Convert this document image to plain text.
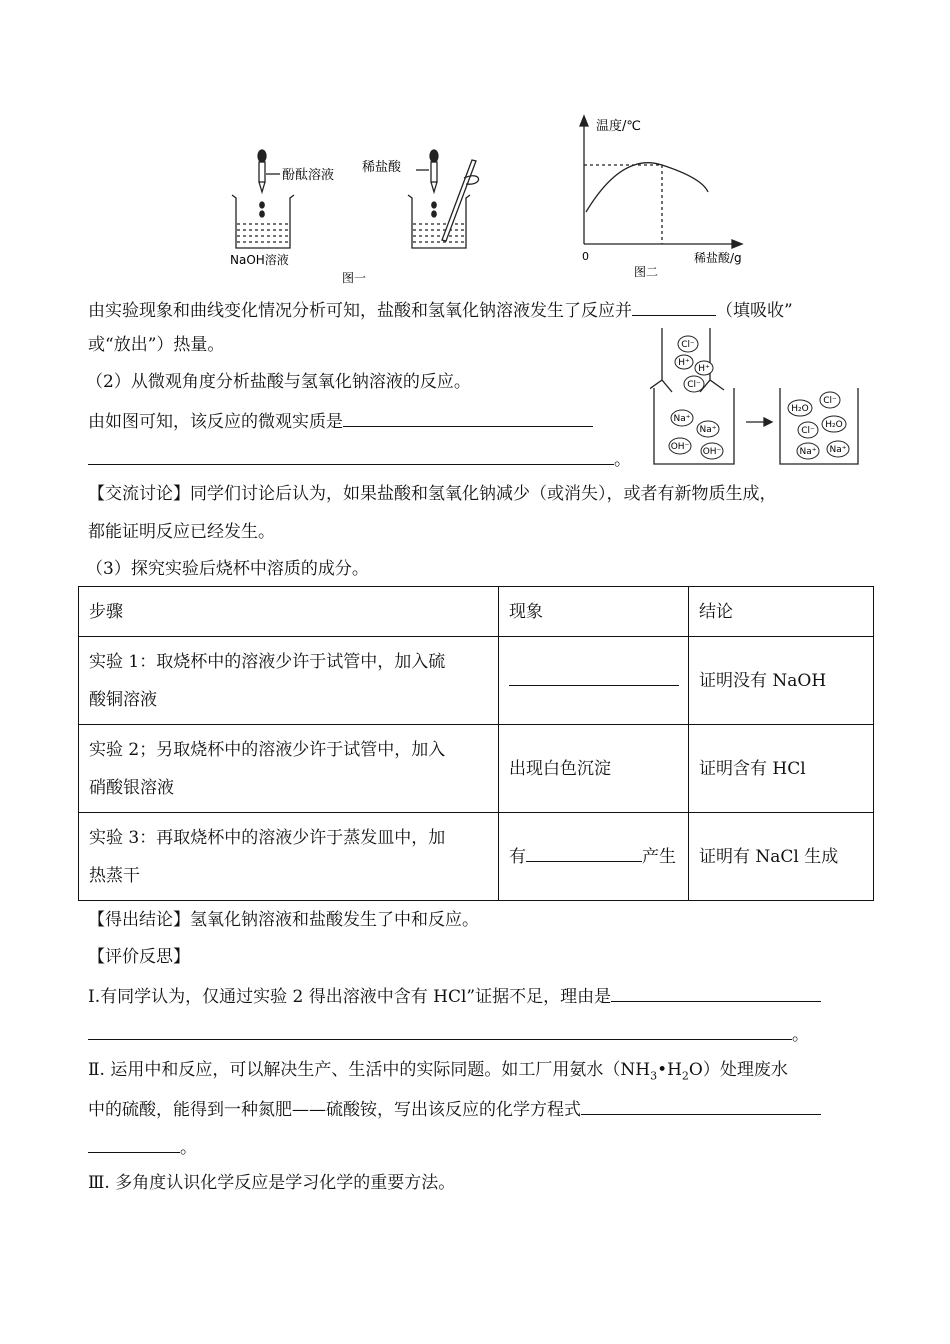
酚酞溶液
NaOH溶液
稀盐酸
图一
温度/℃
0	稀盐酸/g
图二
Cl⁻
H⁺
H⁺
Cl⁻
Na⁺
Na⁺
OH⁻ OH⁻
H₂O
Cl⁻
Cl⁻
H₂O
Na⁺ Na⁺
由实验现象和曲线变化情况分析可知，盐酸和氢氧化钠溶液发生了反应并	（填吸收”
或“放出”）热量。
（2）从微观角度分析盐酸与氢氧化钠溶液的反应。
由如图可知，该反应的微观实质是
。
【交流讨论】同学们讨论后认为，如果盐酸和氢氧化钠减少（或消失），或者有新物质生成，
都能证明反应已经发生。
（3）探究实验后烧杯中溶质的成分。
步骤	现象	结论

实验 1：取烧杯中的溶液少许于试管中，加入硫
酸铜溶液		证明没有 NaOH

实验 2；另取烧杯中的溶液少许于试管中，加入
硝酸银溶液	出现白色沉淀	证明含有 HCl

实验 3：再取烧杯中的溶液少许于蒸发皿中，加
热蒸干	有 产生	证明有 NaCl 生成
【得出结论】氢氧化钠溶液和盐酸发生了中和反应。
【评价反思】
Ⅰ.有同学认为，仅通过实验 2 得出溶液中含有 HCl”证据不足，理由是
。
Ⅱ. 运用中和反应，可以解决生产、生活中的实际同题。如工厂用氨水$(NH_3•H_2O)$处理废水
中的硫酸，能得到一种氮肥——硫酸铵，写出该反应的化学方程式
。
Ⅲ. 多角度认识化学反应是学习化学的重要方法。
